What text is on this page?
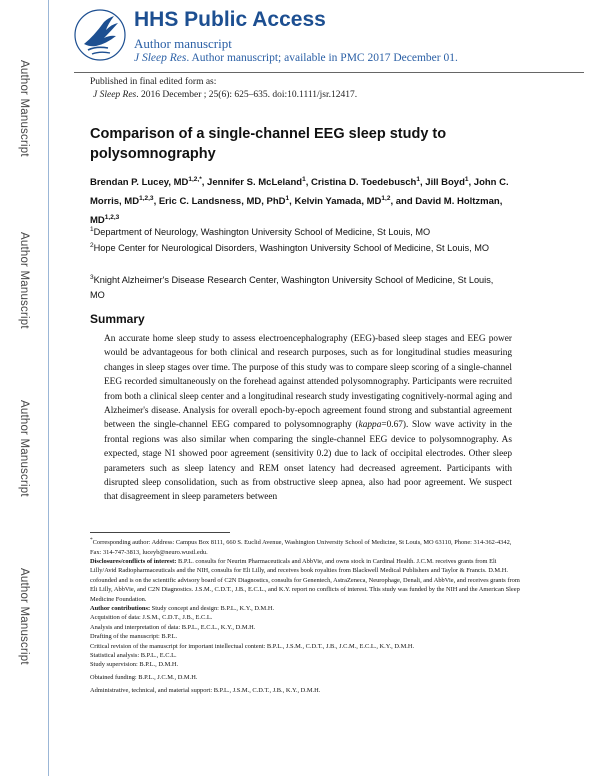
Author Manuscript
Author Manuscript
Author Manuscript
Author Manuscript
HHS Public Access
Author manuscript
J Sleep Res. Author manuscript; available in PMC 2017 December 01.
Published in final edited form as:
J Sleep Res. 2016 December ; 25(6): 625–635. doi:10.1111/jsr.12417.
Comparison of a single-channel EEG sleep study to polysomnography
Brendan P. Lucey, $MD^{1,2,*}$, Jennifer S. McLeland$^1$, Cristina D. Toedebusch$^1$, Jill Boyd$^1$, John C. Morris, MD$^{1,2,3}$, Eric C. Landsness, MD, PhD$^1$, Kelvin Yamada, MD$^{1,2}$, and David M. Holtzman, MD$^{1,2,3}$
$^1$Department of Neurology, Washington University School of Medicine, St Louis, MO
$^2$Hope Center for Neurological Disorders, Washington University School of Medicine, St Louis, MO
$^3$Knight Alzheimer's Disease Research Center, Washington University School of Medicine, St Louis, MO
Summary
An accurate home sleep study to assess electroencephalography (EEG)-based sleep stages and EEG power would be advantageous for both clinical and research purposes, such as for longitudinal studies measuring changes in sleep stages over time. The purpose of this study was to compare sleep scoring of a single-channel EEG recorded simultaneously on the forehead against attended polysomnography. Participants were recruited from both a clinical sleep center and a longitudinal research study investigating cognitively-normal aging and Alzheimer's disease. Analysis for overall epoch-by-epoch agreement found strong and substantial agreement between the single-channel EEG compared to polysomnography (kappa=0.67). Slow wave activity in the frontal regions was also similar when comparing the single-channel EEG device to polysomnography. As expected, stage N1 showed poor agreement (sensitivity 0.2) due to lack of occipital electrodes. Other sleep parameters such as sleep latency and REM onset latency had decreased agreement. Participants with disrupted sleep consolidation, such as from obstructive sleep apnea, also had poor agreement. We suspect that disagreement in sleep parameters between

*Corresponding author: Address: Campus Box 8111, 660 S. Euclid Avenue, Washington University School of Medicine, St Louis, MO 63110, Phone: 314-362-4342, Fax: 314-747-3813, luceyb@neuro.wustl.edu.

Disclosures/conflicts of interest: B.P.L. consults for Neurim Pharmaceuticals and AbbVie, and owns stock in Cardinal Health. J.C.M. receives grants from Eli Lilly/Avid Radiopharmaceuticals and the NIH, consults for Eli Lilly, and receives book royalties from Blackwell Medical Publishers and Taylor & Francis. D.M.H. cofounded and is on the scientific advisory board of C2N Diagnostics, consults for Genentech, AstraZeneca, Neurophage, Denali, and AbbVie, and receives grants from Eli Lilly, AbbVie, and C2N Diagnostics. J.S.M., C.D.T., J.B., E.C.L., and K.Y. report no conflicts of interest. This study was funded by the NIH and the American Sleep Medicine Foundation.

Author contributions: Study concept and design: B.P.L., K.Y., D.M.H.

Acquisition of data: J.S.M., C.D.T., J.B., E.C.L.

Analysis and interpretation of data: B.P.L., E.C.L., K.Y., D.M.H.

Drafting of the manuscript: B.P.L.

Critical revision of the manuscript for important intellectual content: B.P.L., J.S.M., C.D.T., J.B., J.C.M., E.C.L., K.Y., D.M.H.

Statistical analysis: B.P.L., E.C.L.

Study supervision: B.P.L., D.M.H.

Obtained funding: B.P.L., J.C.M., D.M.H.

Administrative, technical, and material support: B.P.L., J.S.M., C.D.T., J.B., K.Y., D.M.H.
